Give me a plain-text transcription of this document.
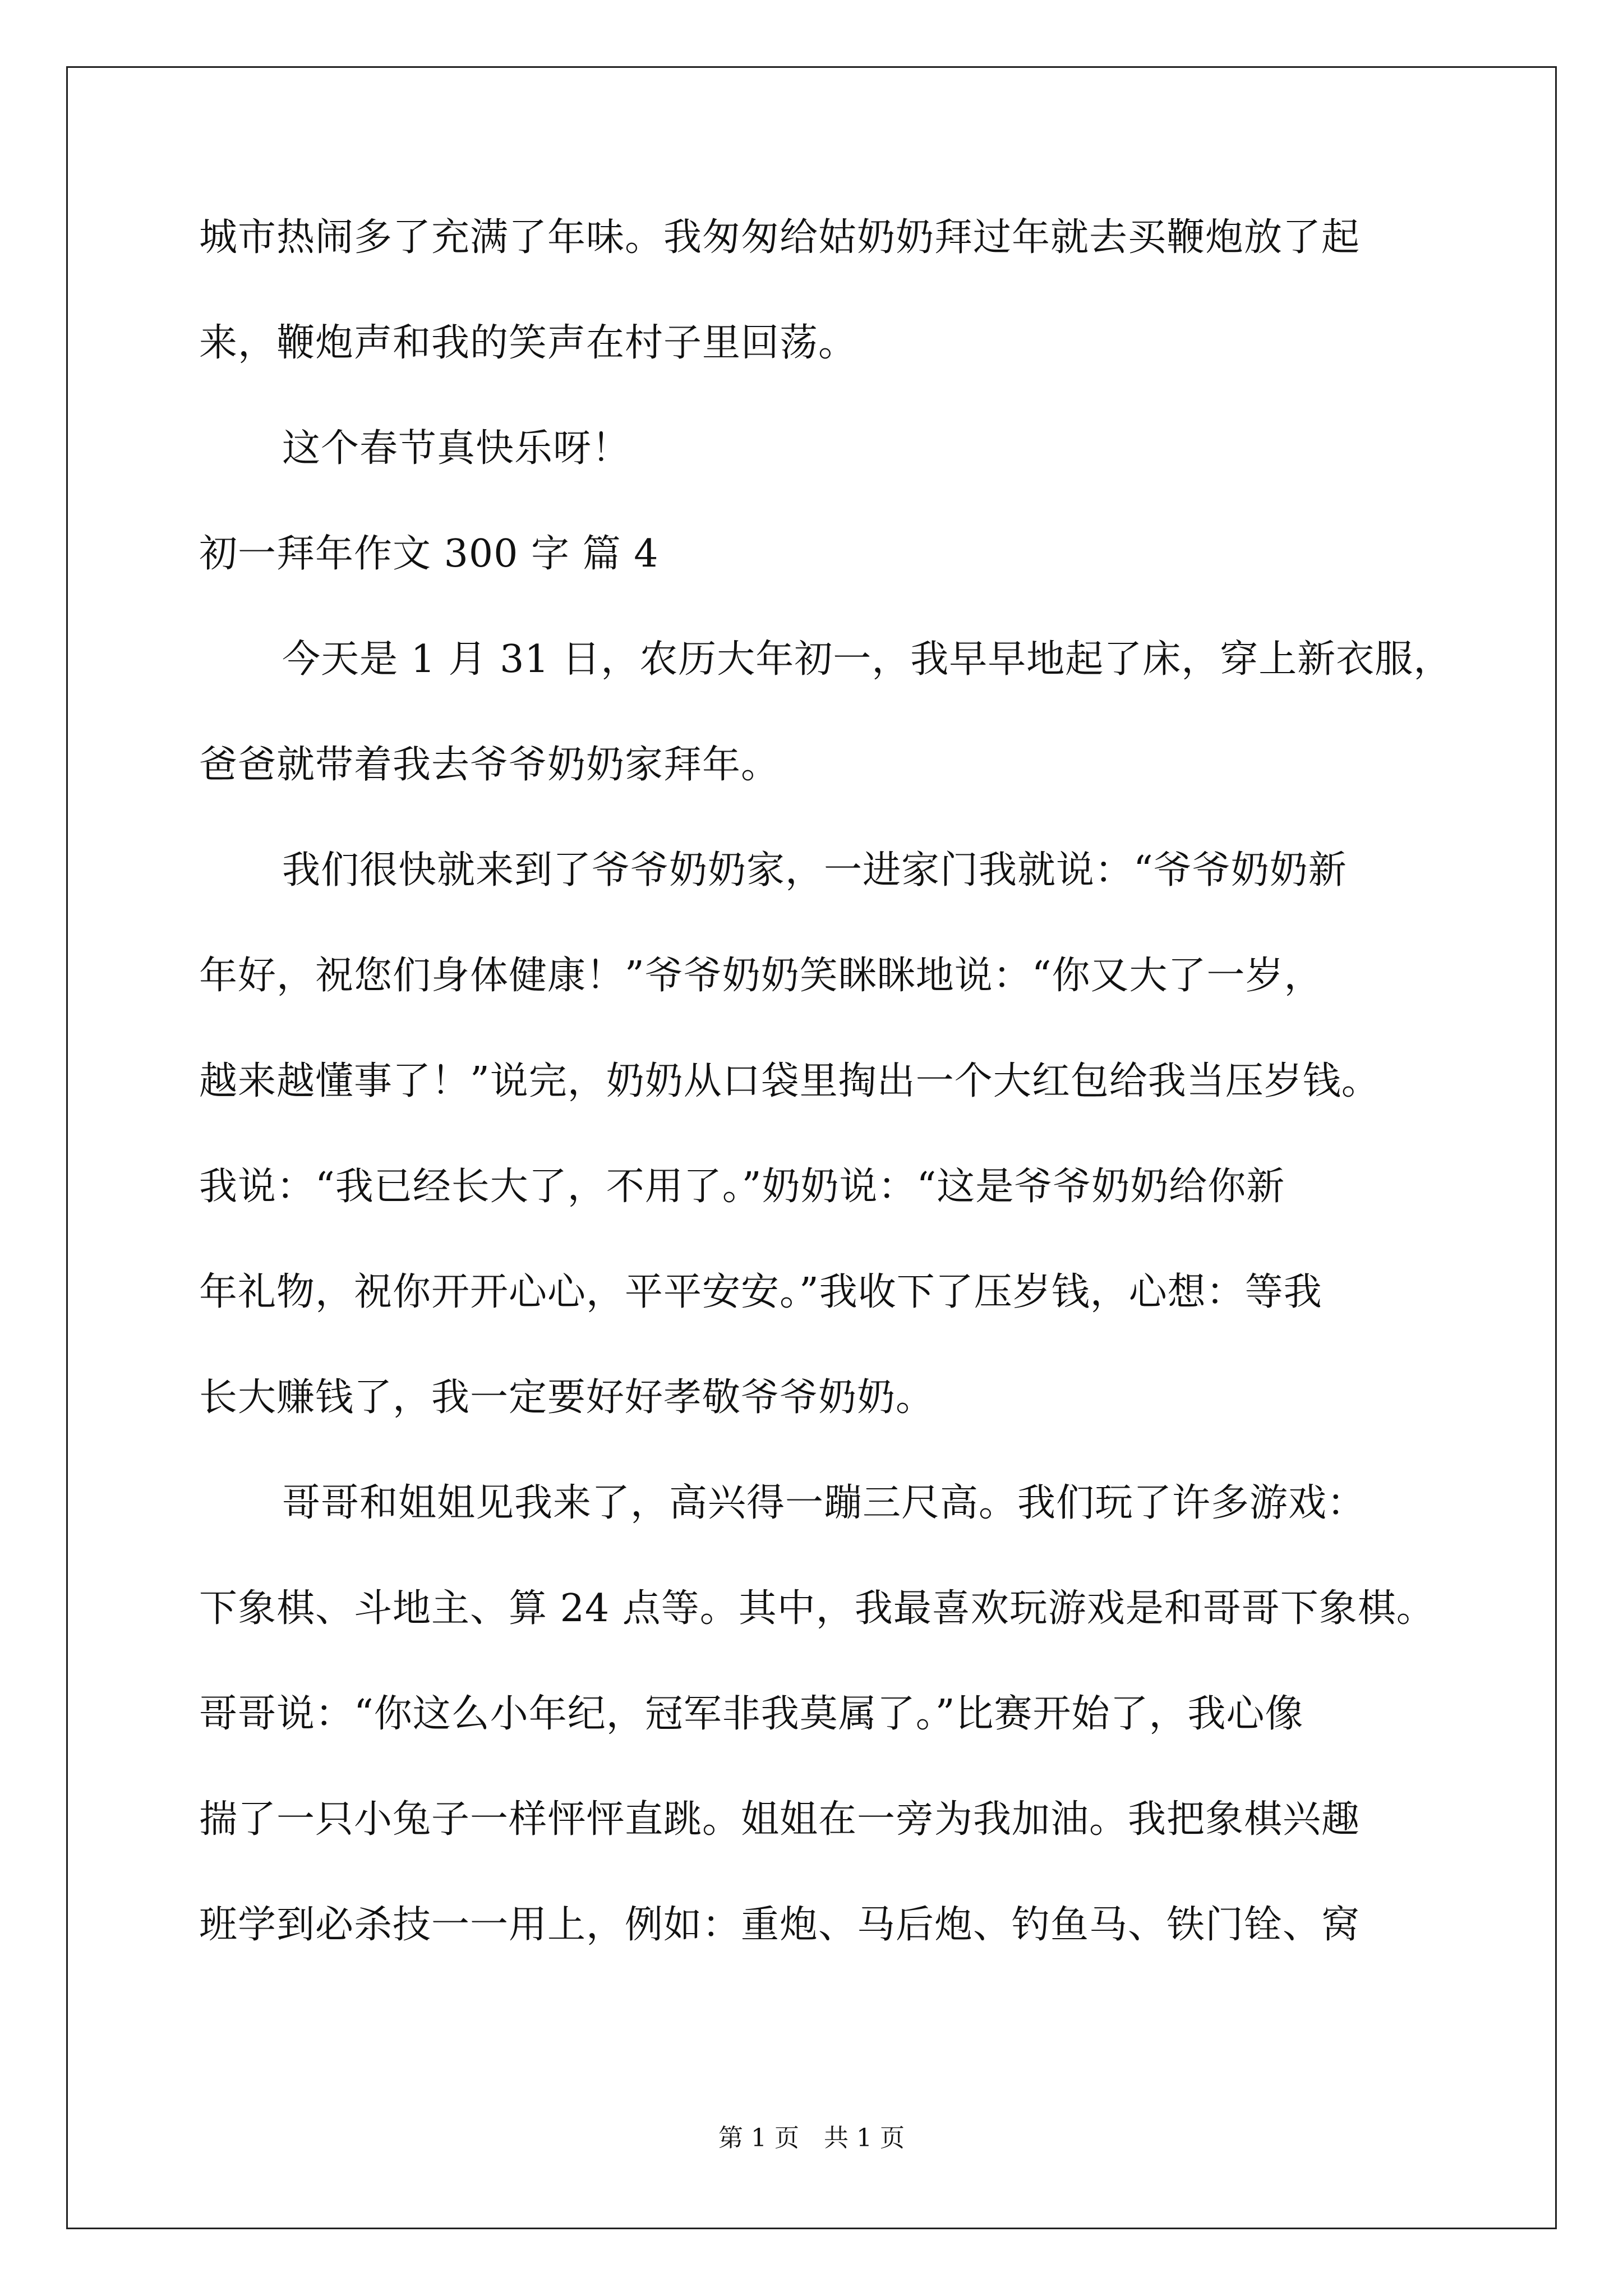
城市热闹多了充满了年味。我匆匆给姑奶奶拜过年就去买鞭炮放了起
来，鞭炮声和我的笑声在村子里回荡。
这个春节真快乐呀！
初一拜年作文 300 字 篇 4
今天是 1 月 31 日，农历大年初一，我早早地起了床，穿上新衣服，
爸爸就带着我去爷爷奶奶家拜年。
我们很快就来到了爷爷奶奶家，一进家门我就说：“爷爷奶奶新
年好，祝您们身体健康！”爷爷奶奶笑眯眯地说：“你又大了一岁，
越来越懂事了！”说完，奶奶从口袋里掏出一个大红包给我当压岁钱。
我说：“我已经长大了，不用了。”奶奶说：“这是爷爷奶奶给你新
年礼物，祝你开开心心，平平安安。”我收下了压岁钱，心想：等我
长大赚钱了，我一定要好好孝敬爷爷奶奶。
哥哥和姐姐见我来了，高兴得一蹦三尺高。我们玩了许多游戏：
下象棋、斗地主、算 24 点等。其中，我最喜欢玩游戏是和哥哥下象棋。
哥哥说：“你这么小年纪，冠军非我莫属了。”比赛开始了，我心像
揣了一只小兔子一样怦怦直跳。姐姐在一旁为我加油。我把象棋兴趣
班学到必杀技一一用上，例如：重炮、马后炮、钓鱼马、铁门铨、窝
第 1 页　共 1 页
